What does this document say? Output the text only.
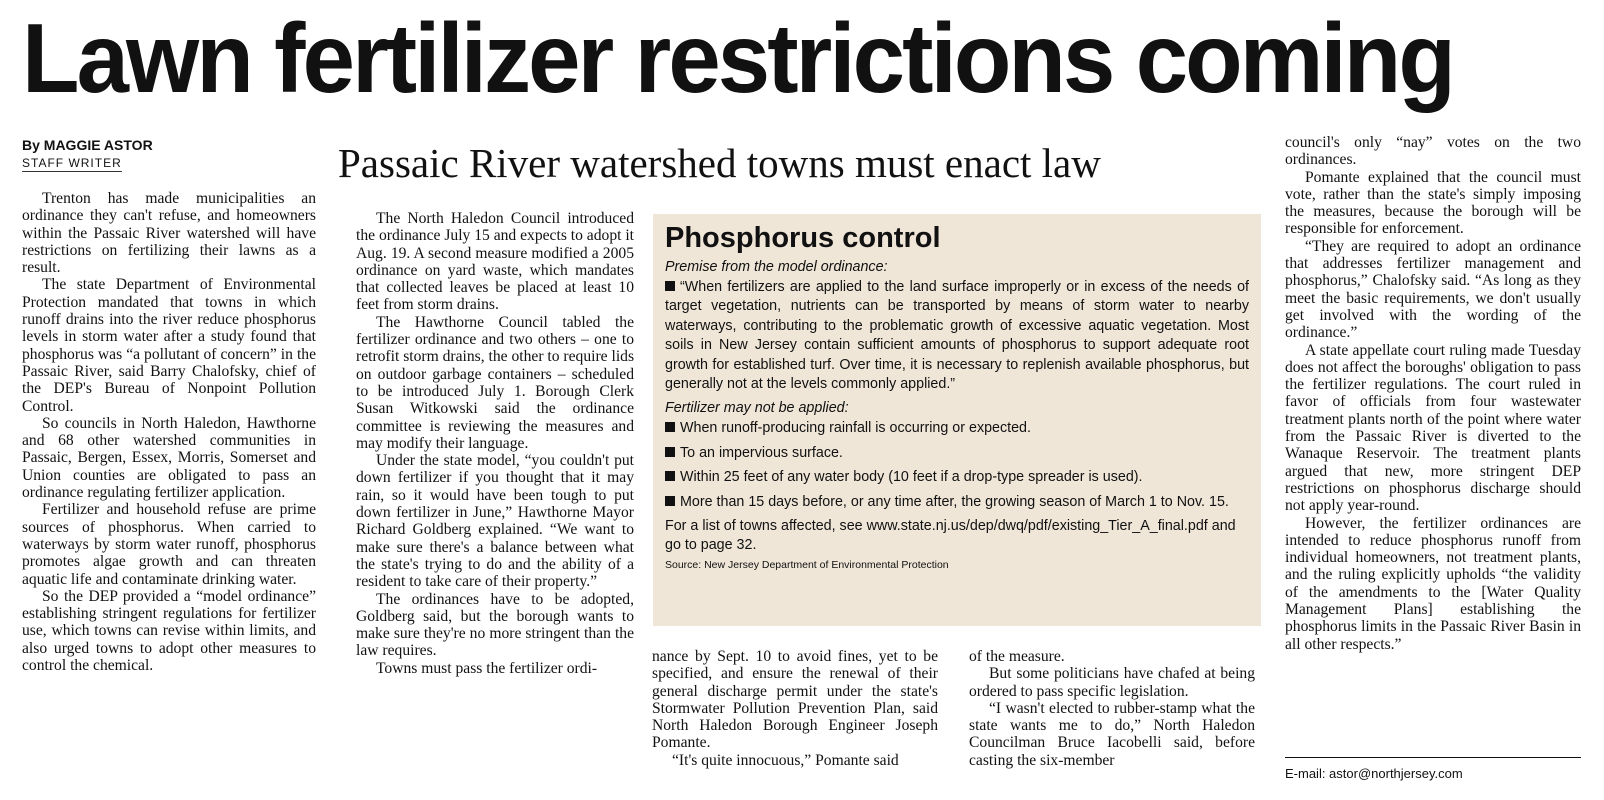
Lawn fertilizer restrictions coming
By MAGGIE ASTOR
STAFF WRITER	Passaic River watershed towns must enact law

Trenton has made municipalities an ordinance they can't refuse, and homeowners within the Passaic River watershed will have restrictions on fertilizing their lawns as a result.

The state Department of Environmental Protection mandated that towns in which runoff drains into the river reduce phosphorus levels in storm water after a study found that phosphorus was “a pollutant of concern” in the Passaic River, said Barry Chalofsky, chief of the DEP's Bureau of Nonpoint Pollution Control.

So councils in North Haledon, Hawthorne and 68 other watershed communities in Passaic, Bergen, Essex, Morris, Somerset and Union counties are obligated to pass an ordinance regulating fertilizer application.

Fertilizer and household refuse are prime sources of phosphorus. When carried to waterways by storm water runoff, phosphorus promotes algae growth and can threaten aquatic life and contaminate drinking water.

So the DEP provided a “model ordinance” establishing stringent regulations for fertilizer use, which towns can revise within limits, and also urged towns to adopt other measures to control the chemical.

The North Haledon Council introduced the ordinance July 15 and expects to adopt it Aug. 19. A second measure modified a 2005 ordinance on yard waste, which mandates that collected leaves be placed at least 10 feet from storm drains.

The Hawthorne Council tabled the fertilizer ordinance and two others – one to retrofit storm drains, the other to require lids on outdoor garbage containers – scheduled to be introduced July 1. Borough Clerk Susan Witkowski said the ordinance committee is reviewing the measures and may modify their language.

Under the state model, “you couldn't put down fertilizer if you thought that it may rain, so it would have been tough to put down fertilizer in June,” Hawthorne Mayor Richard Goldberg explained. “We want to make sure there's a balance between what the state's trying to do and the ability of a resident to take care of their property.”

The ordinances have to be adopted, Goldberg said, but the borough wants to make sure they're no more stringent than the law requires.

Towns must pass the fertilizer ordi-

Phosphorus control
Premise from the model ordinance:
“When fertilizers are applied to the land surface improperly or in excess of the needs of target vegetation, nutrients can be transported by means of storm water to nearby waterways, contributing to the problematic growth of excessive aquatic vegetation. Most soils in New Jersey contain sufficient amounts of phosphorus to support adequate root growth for established turf. Over time, it is necessary to replenish available phosphorus, but generally not at the levels commonly applied.”
Fertilizer may not be applied:
When runoff-producing rainfall is occurring or expected.
To an impervious surface.
Within 25 feet of any water body (10 feet if a drop-type spreader is used).
More than 15 days before, or any time after, the growing season of March 1 to Nov. 15.
For a list of towns affected, see www.state.nj.us/dep/dwq/pdf/existing_Tier_A_final.pdf and go to page 32.
Source: New Jersey Department of Environmental Protection

nance by Sept. 10 to avoid fines, yet to be specified, and ensure the renewal of their general discharge permit under the state's Stormwater Pollution Prevention Plan, said North Haledon Borough Engineer Joseph Pomante.

“It's quite innocuous,” Pomante said

of the measure.

But some politicians have chafed at being ordered to pass specific legislation.

“I wasn't elected to rubber-stamp what the state wants me to do,” North Haledon Councilman Bruce Iacobelli said, before casting the six-member

council's only “nay” votes on the two ordinances.

Pomante explained that the council must vote, rather than the state's simply imposing the measures, because the borough will be responsible for enforcement.

“They are required to adopt an ordinance that addresses fertilizer management and phosphorus,” Chalofsky said. “As long as they meet the basic requirements, we don't usually get involved with the wording of the ordinance.”

A state appellate court ruling made Tuesday does not affect the boroughs' obligation to pass the fertilizer regulations. The court ruled in favor of officials from four wastewater treatment plants north of the point where water from the Passaic River is diverted to the Wanaque Reservoir. The treatment plants argued that new, more stringent DEP restrictions on phosphorus discharge should not apply year-round.

However, the fertilizer ordinances are intended to reduce phosphorus runoff from individual homeowners, not treatment plants, and the ruling explicitly upholds “the validity of the amendments to the [Water Quality Management Plans] establishing the phosphorus limits in the Passaic River Basin in all other respects.”

E-mail: astor@northjersey.com
